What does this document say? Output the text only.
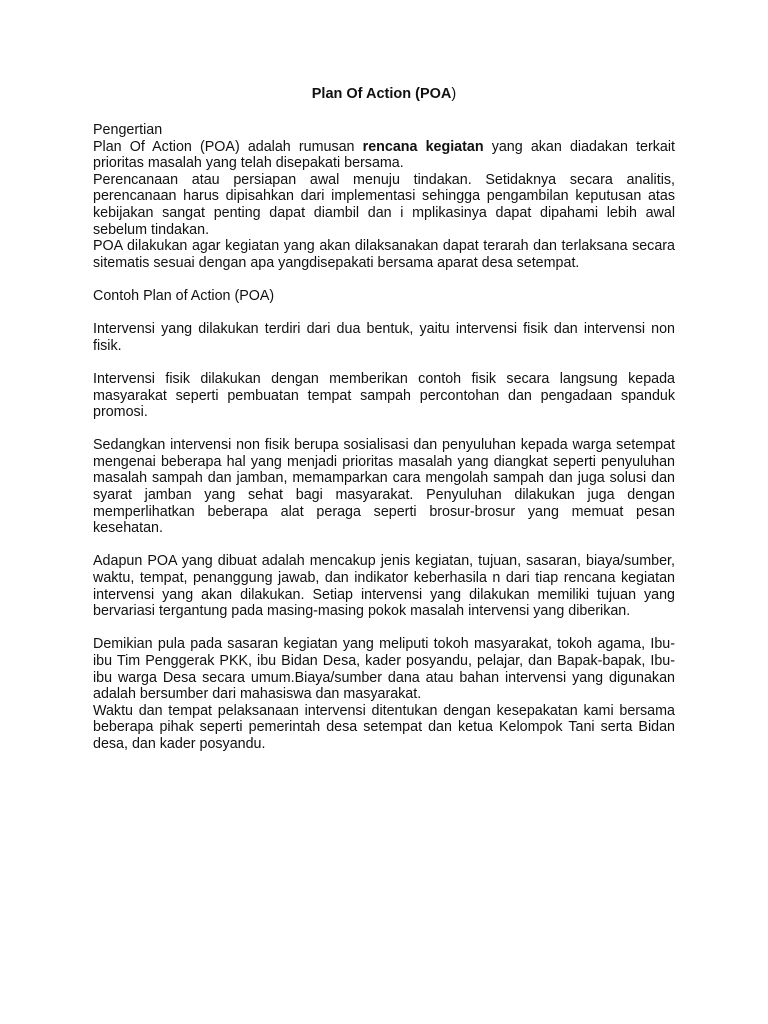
Plan Of Action (POA)

Pengertian

Plan Of Action (POA) adalah rumusan rencana kegiatan yang akan diadakan terkait prioritas masalah yang telah disepakati bersama.

Perencanaan atau persiapan awal menuju tindakan. Setidaknya secara analitis, perencanaan harus dipisahkan dari implementasi sehingga pengambilan keputusan atas kebijakan sangat penting dapat diambil dan i mplikasinya dapat dipahami lebih awal sebelum tindakan.

POA dilakukan agar kegiatan yang akan dilaksanakan dapat terarah dan terlaksana secara sitematis sesuai dengan apa yangdisepakati bersama aparat desa setempat.

Contoh Plan of Action (POA)

Intervensi yang dilakukan terdiri dari dua bentuk, yaitu intervensi fisik dan intervensi non fisik.

Intervensi fisik dilakukan dengan memberikan contoh fisik secara langsung kepada masyarakat seperti pembuatan tempat sampah percontohan dan pengadaan spanduk promosi.

Sedangkan intervensi non fisik berupa sosialisasi dan penyuluhan kepada warga setempat mengenai beberapa hal yang menjadi prioritas masalah yang diangkat seperti penyuluhan masalah sampah dan jamban, memamparkan cara mengolah sampah dan juga solusi dan syarat jamban yang sehat bagi masyarakat. Penyuluhan dilakukan juga dengan memperlihatkan beberapa alat peraga seperti brosur-brosur yang memuat pesan kesehatan.

Adapun POA yang dibuat adalah mencakup jenis kegiatan, tujuan, sasaran, biaya/sumber, waktu, tempat, penanggung jawab, dan indikator keberhasila n dari tiap rencana kegiatan intervensi yang akan dilakukan. Setiap intervensi yang dilakukan memiliki tujuan yang bervariasi tergantung pada masing-masing pokok masalah intervensi yang diberikan.

Demikian pula pada sasaran kegiatan yang meliputi tokoh masyarakat, tokoh agama, Ibu-ibu Tim Penggerak PKK, ibu Bidan Desa, kader posyandu, pelajar, dan Bapak-bapak, Ibu-ibu warga Desa secara umum.Biaya/sumber dana atau bahan intervensi yang digunakan adalah bersumber dari mahasiswa dan masyarakat.

Waktu dan tempat pelaksanaan intervensi ditentukan dengan kesepakatan kami bersama beberapa pihak seperti pemerintah desa setempat dan ketua Kelompok Tani serta Bidan desa, dan kader posyandu.
